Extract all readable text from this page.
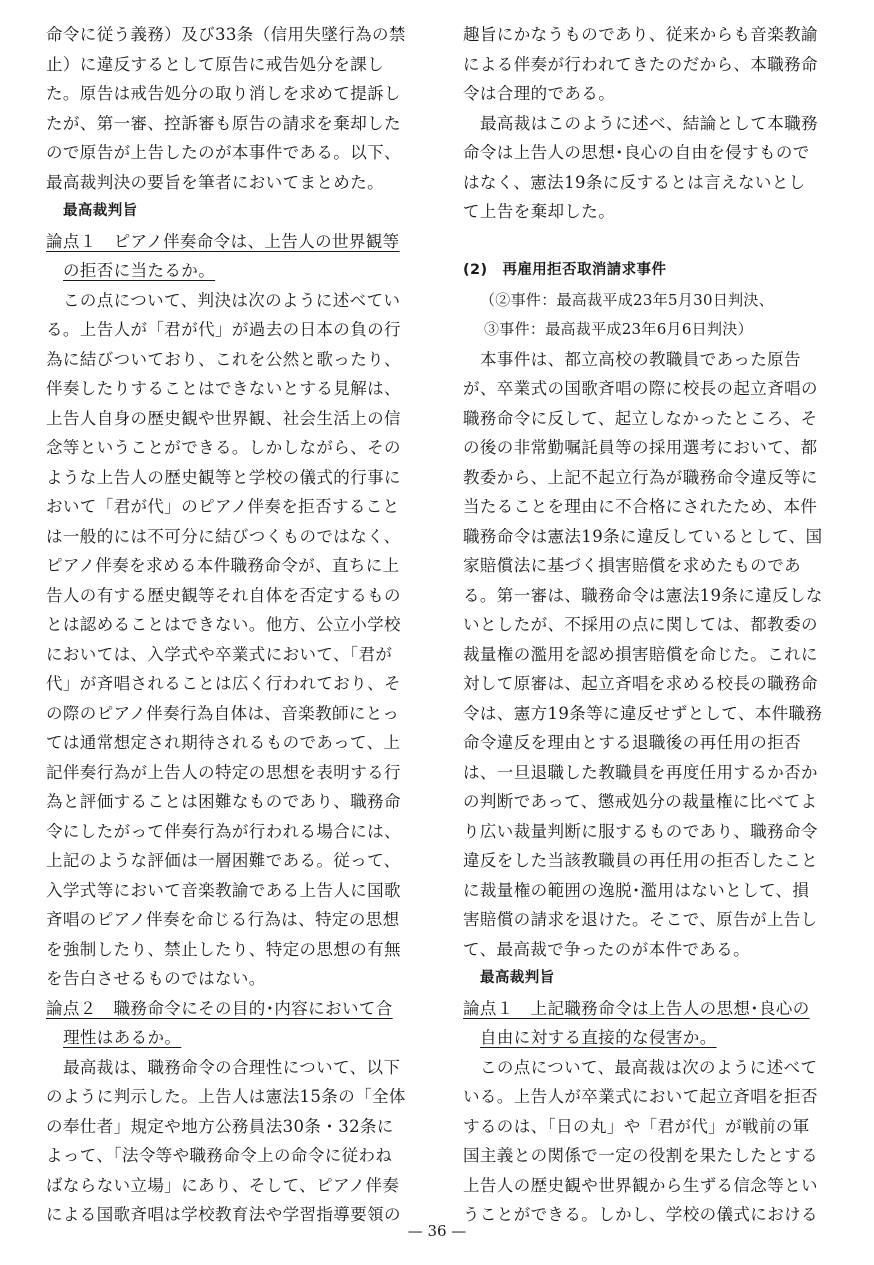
命令に従う義務）及び33条（信用失墜行為の禁
止）に違反するとして原告に戒告処分を課し
た。原告は戒告処分の取り消しを求めて提訴し
たが、第一審、控訴審も原告の請求を棄却した
ので原告が上告したのが本事件である。以下、
最高裁判決の要旨を筆者においてまとめた。
最高裁判旨
論点１　ピアノ伴奏命令は、上告人の世界観等
の拒否に当たるか。
この点について、判決は次のように述べてい
る。上告人が「君が代」が過去の日本の負の行
為に結びついており、これを公然と歌ったり、
伴奏したりすることはできないとする見解は、
上告人自身の歴史観や世界観、社会生活上の信
念等ということができる。しかしながら、その
ような上告人の歴史観等と学校の儀式的行事に
おいて「君が代」のピアノ伴奏を拒否すること
は一般的には不可分に結びつくものではなく、
ピアノ伴奏を求める本件職務命令が、直ちに上
告人の有する歴史観等それ自体を否定するもの
とは認めることはできない。他方、公立小学校
においては、入学式や卒業式において、「君が
代」が斉唱されることは広く行われており、そ
の際のピアノ伴奏行為自体は、音楽教師にとっ
ては通常想定され期待されるものであって、上
記伴奏行為が上告人の特定の思想を表明する行
為と評価することは困難なものであり、職務命
令にしたがって伴奏行為が行われる場合には、
上記のような評価は一層困難である。従って、
入学式等において音楽教諭である上告人に国歌
斉唱のピアノ伴奏を命じる行為は、特定の思想
を強制したり、禁止したり、特定の思想の有無
を告白させるものではない。
論点２　職務命令にその目的･内容において合
理性はあるか。
最高裁は、職務命令の合理性について、以下
のように判示した。上告人は憲法15条の「全体
の奉仕者」規定や地方公務員法30条・32条に
よって、「法令等や職務命令上の命令に従わね
ばならない立場」にあり、そして、ピアノ伴奏
による国歌斉唱は学校教育法や学習指導要領の
趣旨にかなうものであり、従来からも音楽教諭
による伴奏が行われてきたのだから、本職務命
令は合理的である。
最高裁はこのように述べ、結論として本職務
命令は上告人の思想･良心の自由を侵すもので
はなく、憲法19条に反するとは言えないとし
て上告を棄却した。
(2)　再雇用拒否取消請求事件
（②事件：最高裁平成23年5月30日判決、
③事件：最高裁平成23年6月6日判決）
本事件は、都立高校の教職員であった原告
が、卒業式の国歌斉唱の際に校長の起立斉唱の
職務命令に反して、起立しなかったところ、そ
の後の非常勤嘱託員等の採用選考において、都
教委から、上記不起立行為が職務命令違反等に
当たることを理由に不合格にされたため、本件
職務命令は憲法19条に違反しているとして、国
家賠償法に基づく損害賠償を求めたものであ
る。第一審は、職務命令は憲法19条に違反しな
いとしたが、不採用の点に関しては、都教委の
裁量権の濫用を認め損害賠償を命じた。これに
対して原審は、起立斉唱を求める校長の職務命
令は、憲方19条等に違反せずとして、本件職務
命令違反を理由とする退職後の再任用の拒否
は、一旦退職した教職員を再度任用するか否か
の判断であって、懲戒処分の裁量権に比べてよ
り広い裁量判断に服するものであり、職務命令
違反をした当該教職員の再任用の拒否したこと
に裁量権の範囲の逸脱･濫用はないとして、損
害賠償の請求を退けた。そこで、原告が上告し
て、最高裁で争ったのが本件である。
最高裁判旨
論点１　上記職務命令は上告人の思想･良心の
自由に対する直接的な侵害か。
この点について、最高裁は次のように述べて
いる。上告人が卒業式において起立斉唱を拒否
するのは、「日の丸」や「君が代」が戦前の軍
国主義との関係で一定の役割を果たしたとする
上告人の歴史観や世界観から生ずる信念等とい
うことができる。しかし、学校の儀式における
— 36 —
